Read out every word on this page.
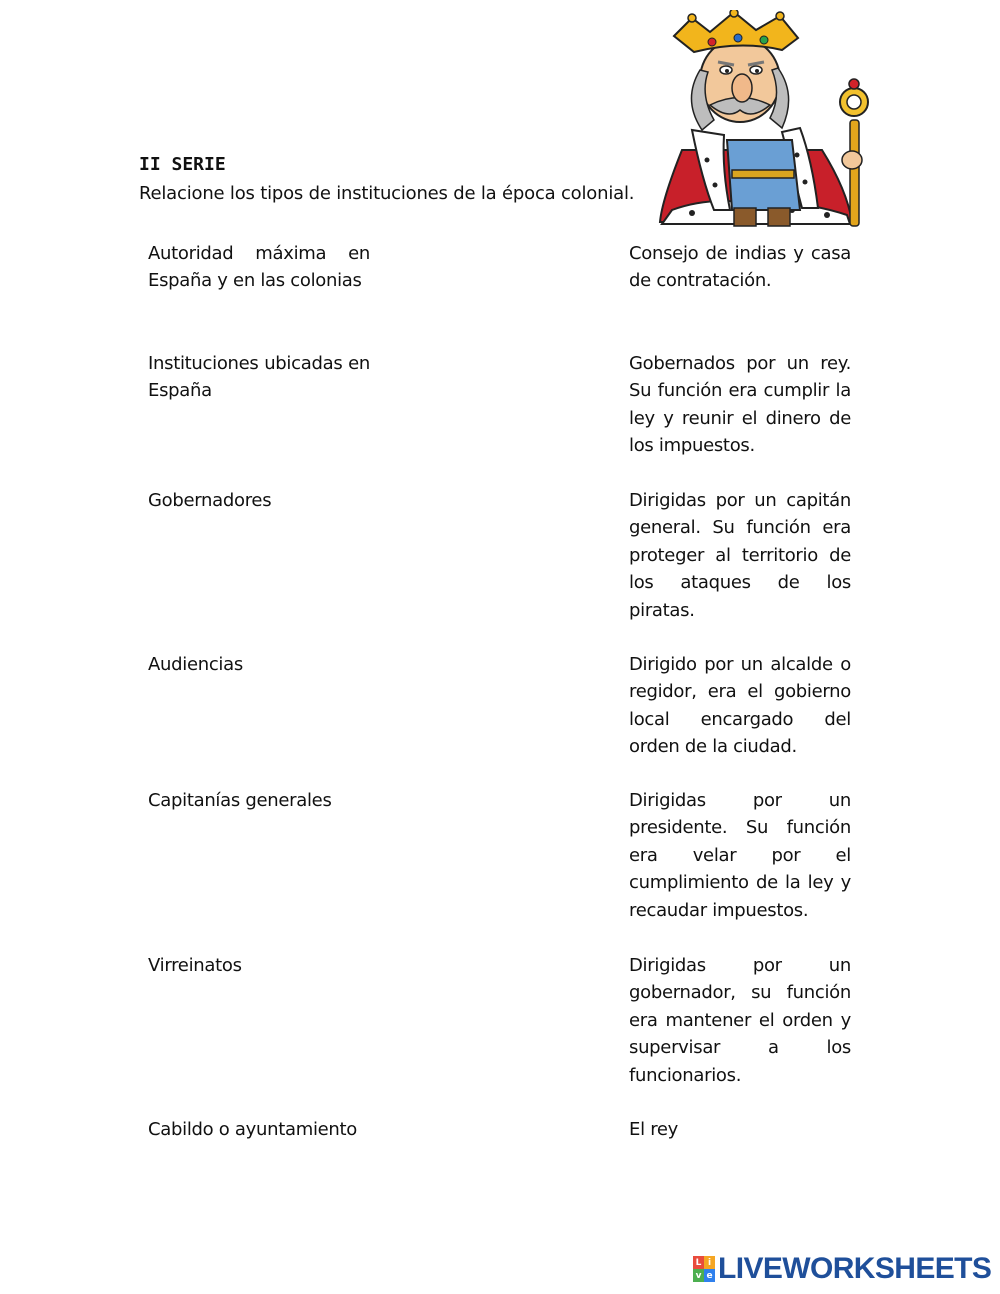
II SERIE
Relacione los tipos de instituciones de la época colonial.
Autoridad máxima en España y en las colonias
Instituciones ubicadas en España
Gobernadores
Audiencias
Capitanías generales
Virreinatos
Cabildo o ayuntamiento
Consejo de indias y casa de contratación.
Gobernados por un rey. Su función era cumplir la ley y reunir el dinero de los impuestos.
Dirigidas por un capitán general. Su función era proteger al territorio de los ataques de los piratas.
Dirigido por un alcalde o regidor, era el gobierno local encargado del orden de la ciudad.
Dirigidas por un presidente. Su función era velar por el cumplimiento de la ley y recaudar impuestos.
Dirigidas por un gobernador, su función era mantener el orden y supervisar a los funcionarios.
El rey
L i
v e LIVEWORKSHEETS
